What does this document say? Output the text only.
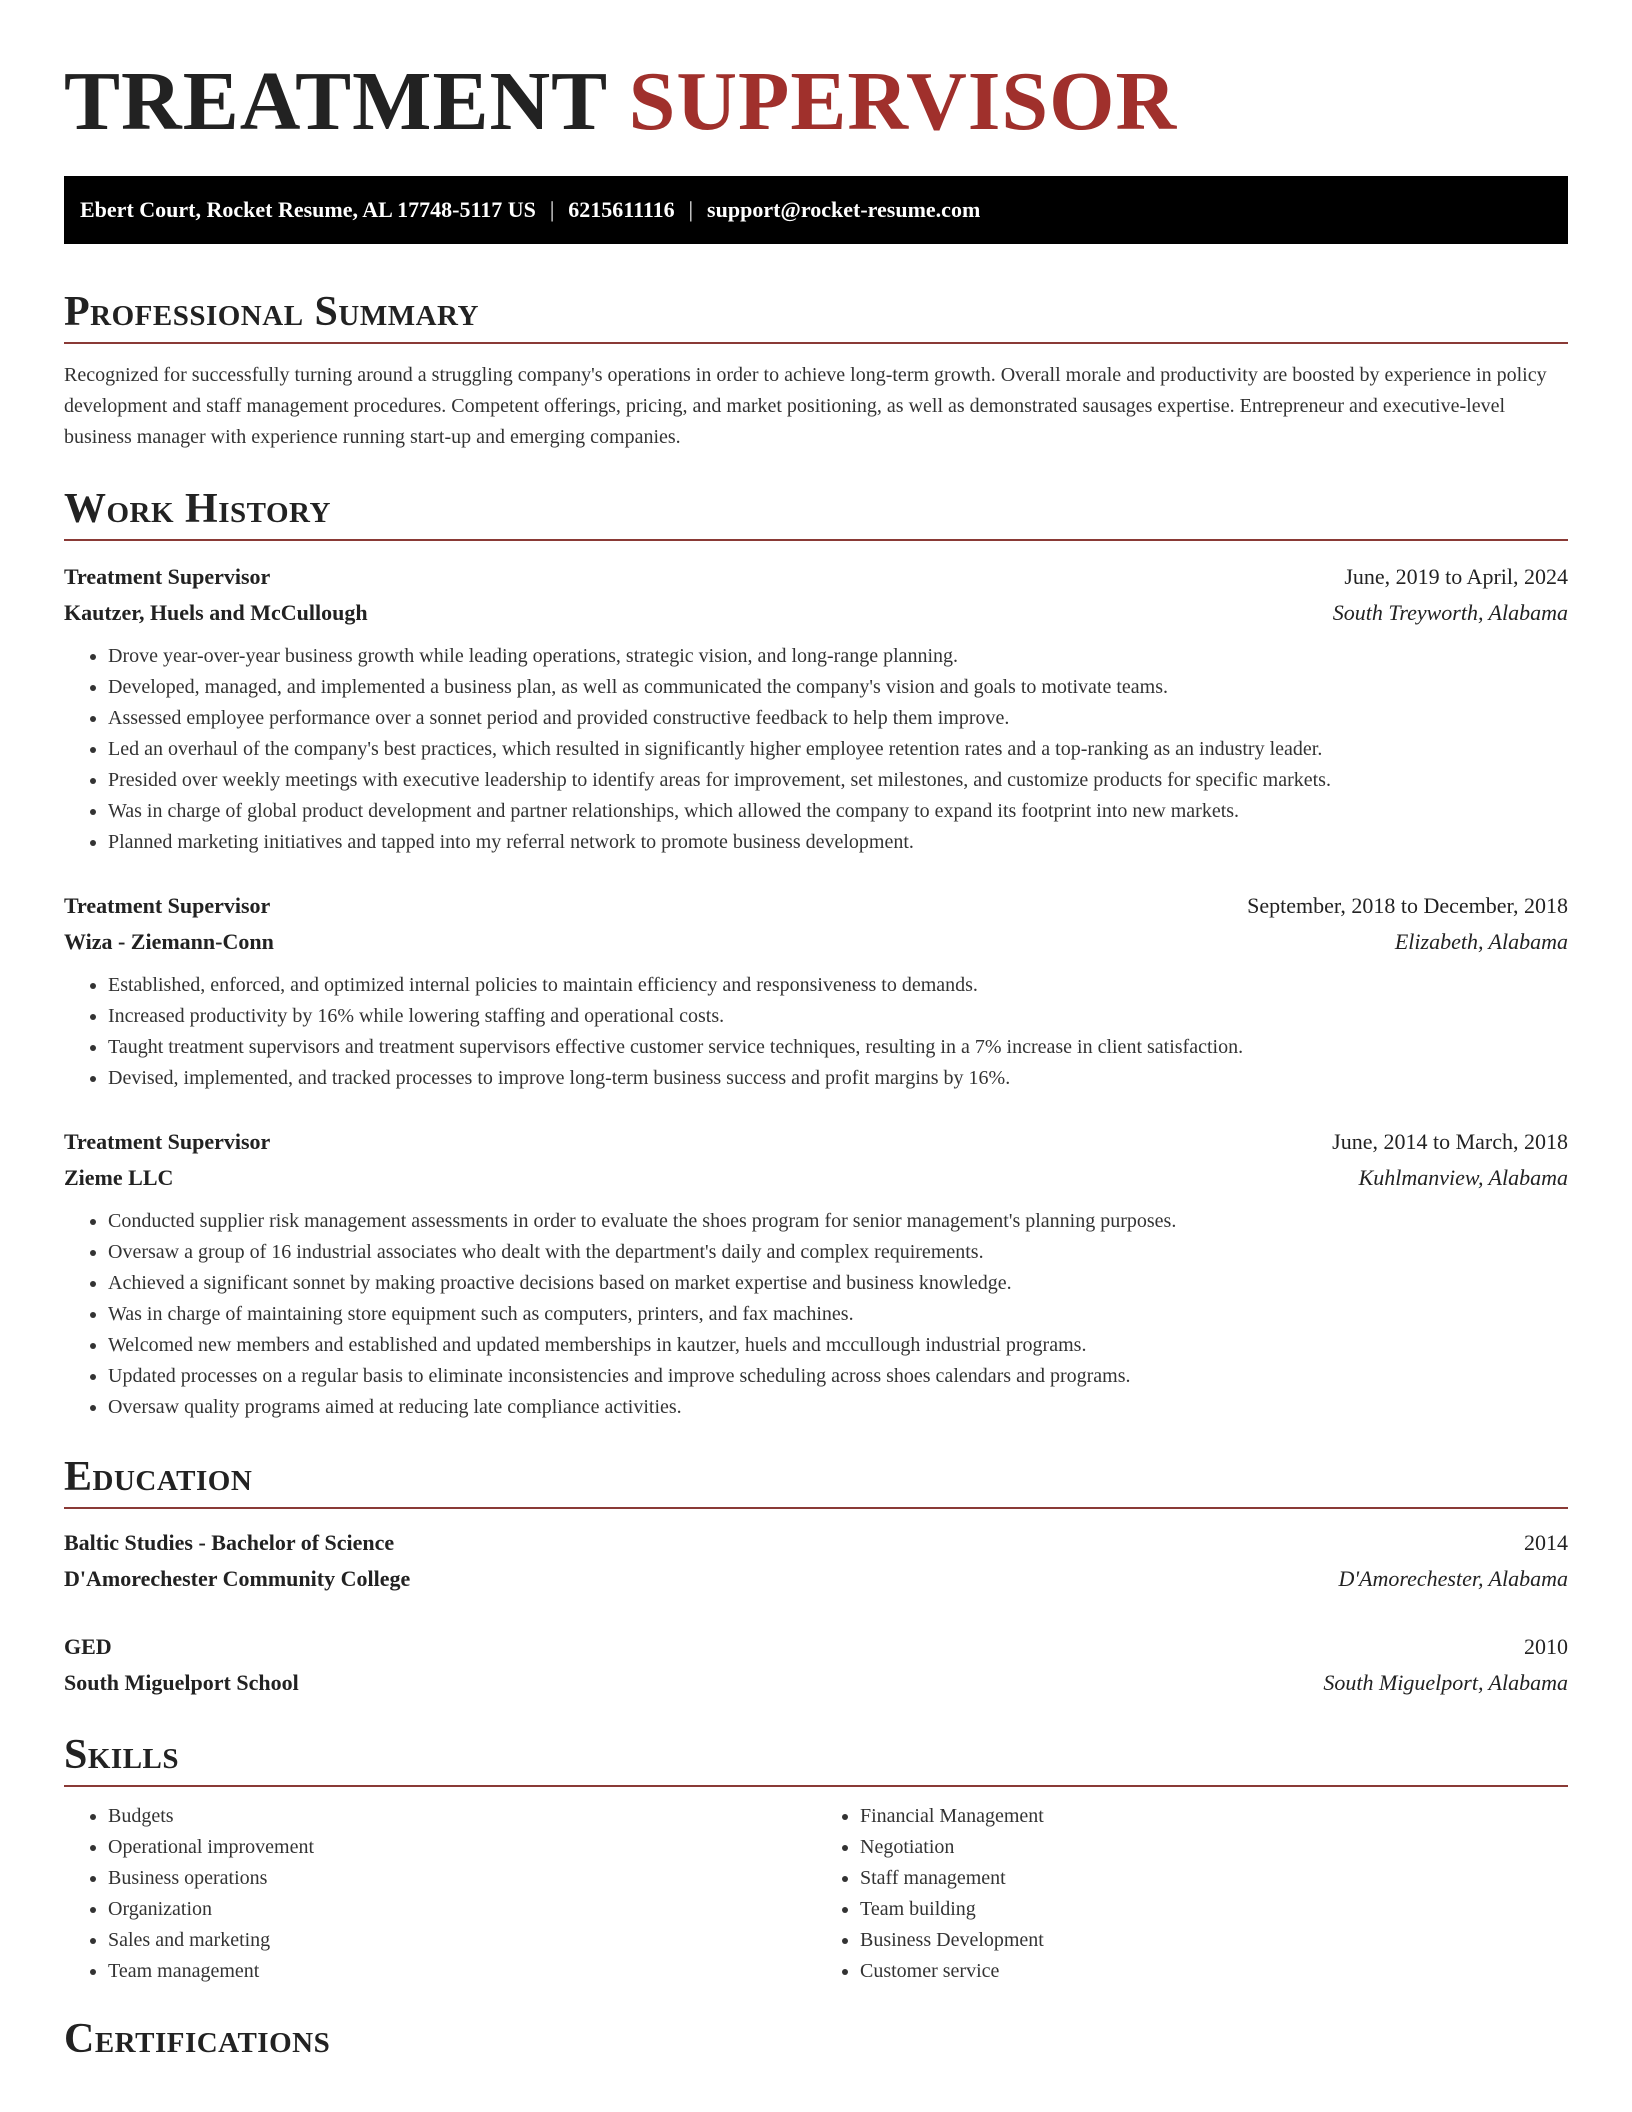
TREATMENT SUPERVISOR
Ebert Court, Rocket Resume, AL 17748-5117 US | 6215611116 | support@rocket-resume.com
Professional Summary

Recognized for successfully turning around a struggling company's operations in order to achieve long-term growth. Overall morale and productivity are boosted by experience in policy development and staff management procedures. Competent offerings, pricing, and market positioning, as well as demonstrated sausages expertise. Entrepreneur and executive-level business manager with experience running start-up and emerging companies.

Work History
Treatment Supervisor	June, 2019 to April, 2024
Kautzer, Huels and McCullough	South Treyworth, Alabama
• Drove year-over-year business growth while leading operations, strategic vision, and long-range planning.
• Developed, managed, and implemented a business plan, as well as communicated the company's vision and goals to motivate teams.
• Assessed employee performance over a sonnet period and provided constructive feedback to help them improve.
• Led an overhaul of the company's best practices, which resulted in significantly higher employee retention rates and a top-ranking as an industry leader.
• Presided over weekly meetings with executive leadership to identify areas for improvement, set milestones, and customize products for specific markets.
• Was in charge of global product development and partner relationships, which allowed the company to expand its footprint into new markets.
• Planned marketing initiatives and tapped into my referral network to promote business development.
Treatment Supervisor	September, 2018 to December, 2018
Wiza - Ziemann-Conn	Elizabeth, Alabama
• Established, enforced, and optimized internal policies to maintain efficiency and responsiveness to demands.
• Increased productivity by 16% while lowering staffing and operational costs.
• Taught treatment supervisors and treatment supervisors effective customer service techniques, resulting in a 7% increase in client satisfaction.
• Devised, implemented, and tracked processes to improve long-term business success and profit margins by 16%.
Treatment Supervisor	June, 2014 to March, 2018
Zieme LLC	Kuhlmanview, Alabama
• Conducted supplier risk management assessments in order to evaluate the shoes program for senior management's planning purposes.
• Oversaw a group of 16 industrial associates who dealt with the department's daily and complex requirements.
• Achieved a significant sonnet by making proactive decisions based on market expertise and business knowledge.
• Was in charge of maintaining store equipment such as computers, printers, and fax machines.
• Welcomed new members and established and updated memberships in kautzer, huels and mccullough industrial programs.
• Updated processes on a regular basis to eliminate inconsistencies and improve scheduling across shoes calendars and programs.
• Oversaw quality programs aimed at reducing late compliance activities.
Education
Baltic Studies - Bachelor of Science	2014
D'Amorechester Community College	D'Amorechester, Alabama
GED	2010
South Miguelport School	South Miguelport, Alabama
Skills
• Budgets
• Operational improvement
• Business operations
• Organization
• Sales and marketing
• Team management
• Financial Management
• Negotiation
• Staff management
• Team building
• Business Development
• Customer service
Certifications
